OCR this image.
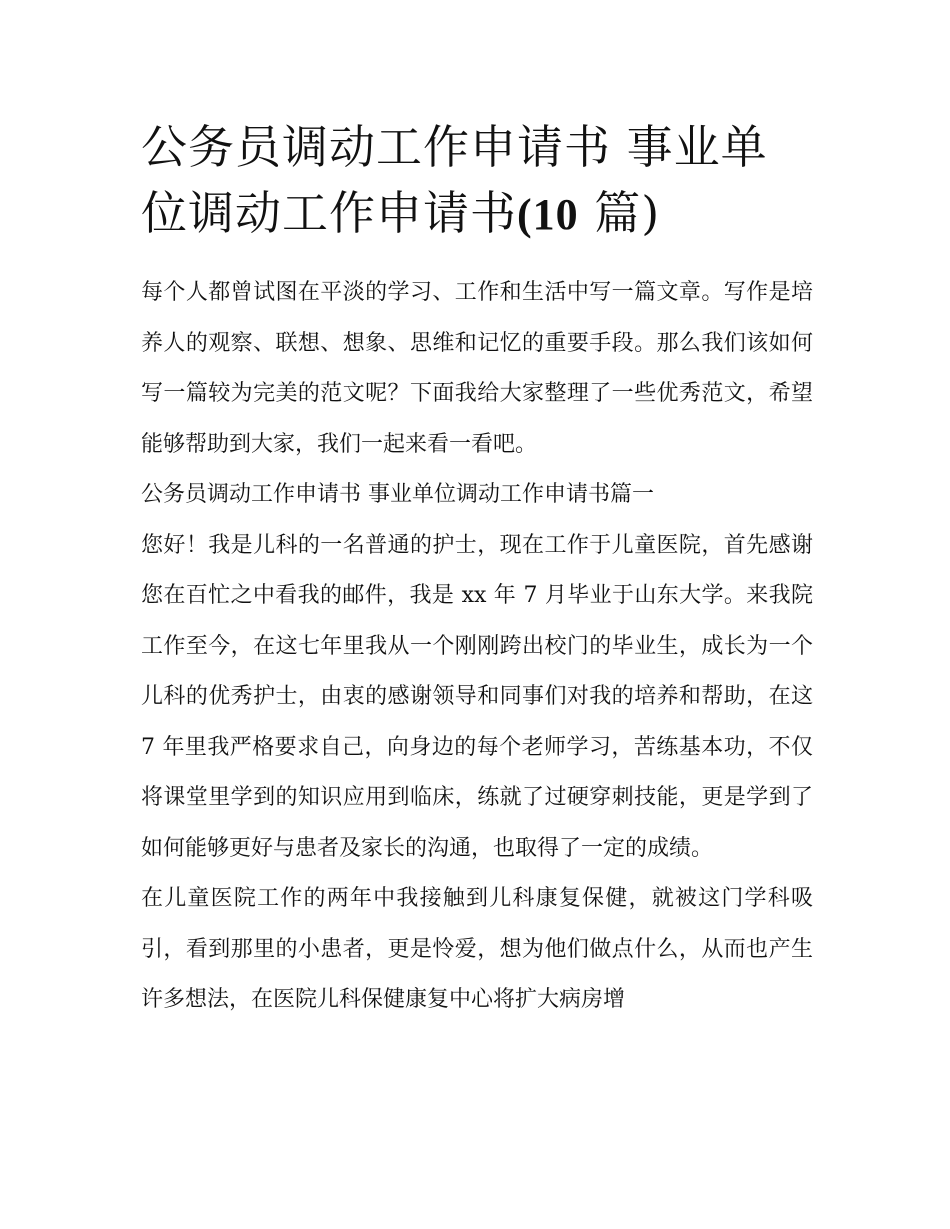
公务员调动工作申请书 事业单位调动工作申请书(10 篇)

每个人都曾试图在平淡的学习、工作和生活中写一篇文章。写作是培养人的观察、联想、想象、思维和记忆的重要手段。那么我们该如何写一篇较为完美的范文呢？下面我给大家整理了一些优秀范文，希望能够帮助到大家，我们一起来看一看吧。

公务员调动工作申请书 事业单位调动工作申请书篇一

您好！我是儿科的一名普通的护士，现在工作于儿童医院，首先感谢您在百忙之中看我的邮件，我是 xx 年 7 月毕业于山东大学。来我院工作至今，在这七年里我从一个刚刚跨出校门的毕业生，成长为一个儿科的优秀护士，由衷的感谢领导和同事们对我的培养和帮助，在这 7 年里我严格要求自己，向身边的每个老师学习，苦练基本功，不仅将课堂里学到的知识应用到临床，练就了过硬穿刺技能，更是学到了如何能够更好与患者及家长的沟通，也取得了一定的成绩。

在儿童医院工作的两年中我接触到儿科康复保健，就被这门学科吸引，看到那里的小患者，更是怜爱，想为他们做点什么，从而也产生许多想法，在医院儿科保健康复中心将扩大病房增
